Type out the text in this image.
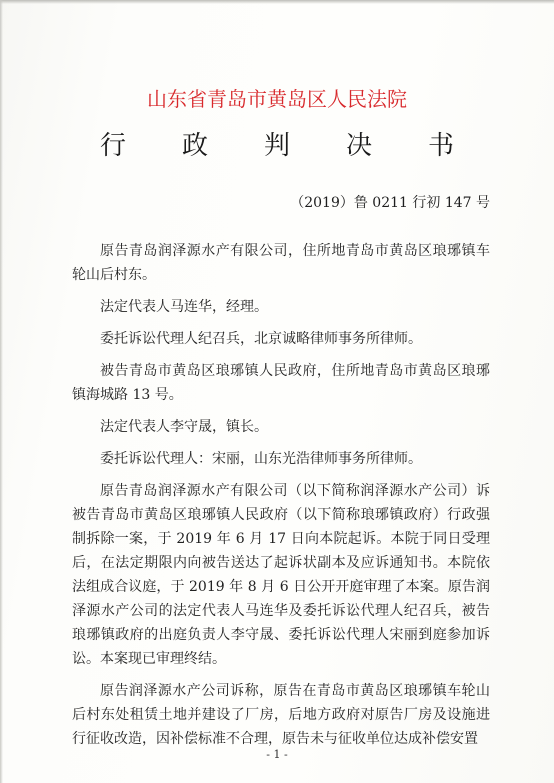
山东省青岛市黄岛区人民法院
行 政 判 决 书
（2019）鲁 0211 行初 147 号

原告青岛润泽源水产有限公司，住所地青岛市黄岛区琅琊镇车轮山后村东。

法定代表人马连华，经理。

委托诉讼代理人纪召兵，北京诚略律师事务所律师。

被告青岛市黄岛区琅琊镇人民政府，住所地青岛市黄岛区琅琊镇海城路 13 号。

法定代表人李守晟，镇长。

委托诉讼代理人：宋丽，山东光浩律师事务所律师。

原告青岛润泽源水产有限公司（以下简称润泽源水产公司）诉被告青岛市黄岛区琅琊镇人民政府（以下简称琅琊镇政府）行政强制拆除一案，于 2019 年 6 月 17 日向本院起诉。本院于同日受理后，在法定期限内向被告送达了起诉状副本及应诉通知书。本院依法组成合议庭，于 2019 年 8 月 6 日公开开庭审理了本案。原告润泽源水产公司的法定代表人马连华及委托诉讼代理人纪召兵，被告琅琊镇政府的出庭负责人李守晟、委托诉讼代理人宋丽到庭参加诉讼。本案现已审理终结。

原告润泽源水产公司诉称，原告在青岛市黄岛区琅琊镇车轮山后村东处租赁土地并建设了厂房，后地方政府对原告厂房及设施进行征收改造，因补偿标准不合理，原告未与征收单位达成补偿安置

- 1 -
